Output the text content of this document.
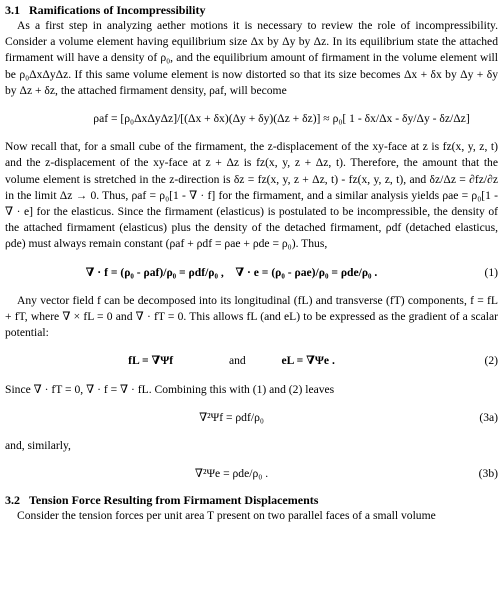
3.1 Ramifications of Incompressibility

As a first step in analyzing aether motions it is necessary to review the role of incompressibility. Consider a volume element having equilibrium size Δx by Δy by Δz. In its equilibrium state the attached firmament will have a density of ρ₀, and the equilibrium amount of firmament in the volume element will be ρ₀ΔxΔyΔz. If this same volume element is now distorted so that its size becomes Δx + δx by Δy + δy by Δz + δz, the attached firmament density, ρaf, will become

ρaf = [ρ₀ΔxΔyΔz]/[(Δx + δx)(Δy + δy)(Δz + δz)] ≈ ρ₀[ 1 - δx/Δx - δy/Δy - δz/Δz]

Now recall that, for a small cube of the firmament, the z-displacement of the xy-face at z is fz(x, y, z, t) and the z-displacement of the xy-face at z + Δz is fz(x, y, z + Δz, t). Therefore, the amount that the volume element is stretched in the z-direction is δz = fz(x, y, z + Δz, t) - fz(x, y, z, t), and δz/Δz = ∂fz/∂z in the limit Δz → 0. Thus, ρaf = ρ₀[1 - ∇ · f] for the firmament, and a similar analysis yields ρae = ρ₀[1 - ∇ · e] for the elasticus. Since the firmament (elasticus) is postulated to be incompressible, the density of the attached firmament (elasticus) plus the density of the detached firmament, ρdf (detached elasticus, ρde) must always remain constant (ρaf + ρdf = ρae + ρde = ρ₀). Thus,

∇ · f = (ρ₀ - ρaf)/ρ₀ = ρdf/ρ₀ , ∇ · e = (ρ₀ - ρae)/ρ₀ = ρde/ρ₀ .	(1)

Any vector field f can be decomposed into its longitudinal (fL) and transverse (fT) components, f = fL + fT, where ∇ × fL = 0 and ∇ · fT = 0. This allows fL (and eL) to be expressed as the gradient of a scalar potential:

fL = ∇Ψf	and	eL = ∇Ψe .	(2)

Since ∇ · fT = 0, ∇ · f = ∇ · fL. Combining this with (1) and (2) leaves

∇²Ψf = ρdf/ρ₀	(3a)

and, similarly,

∇²Ψe = ρde/ρ₀ .	(3b)
3.2 Tension Force Resulting from Firmament Displacements

Consider the tension forces per unit area T present on two parallel faces of a small volume
